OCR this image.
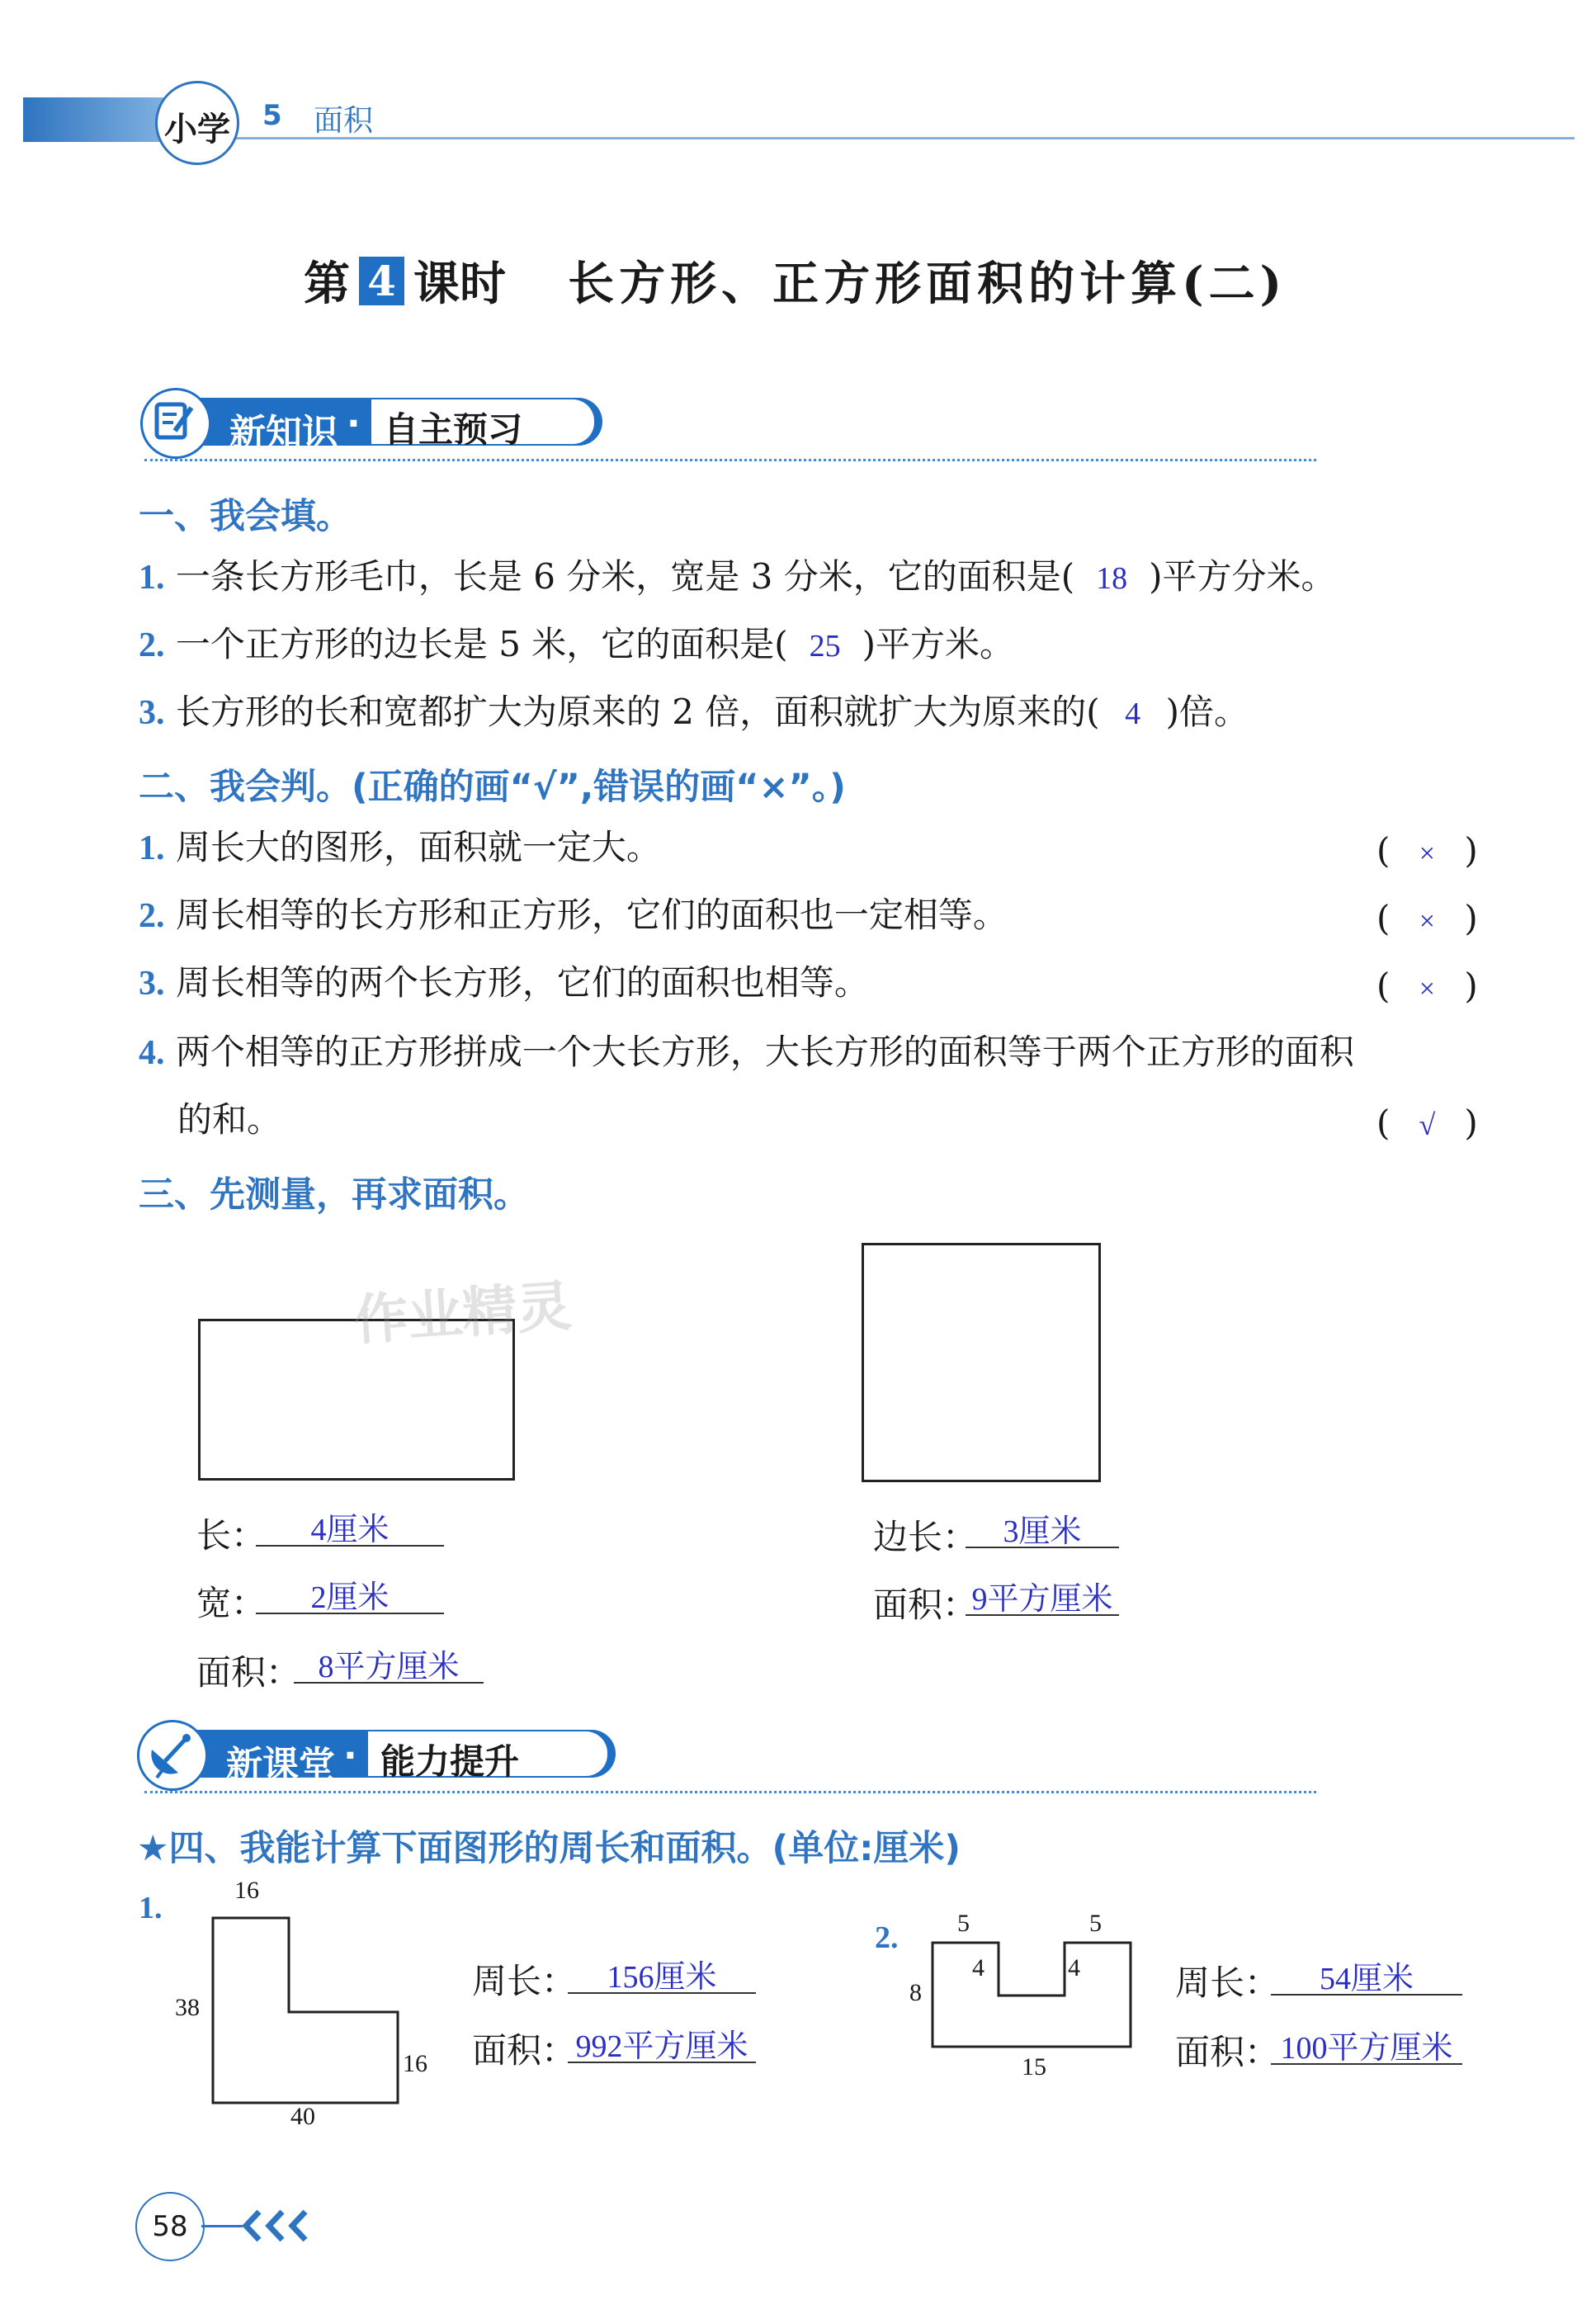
小学 5 面积
第 4 课时 长方形、正方形面积的计算(二)
新知识 · 自主预习
一、我会填。
1. 一条长方形毛巾，长是 6 分米，宽是 3 分米，它的面积是( 18 )平方分米。
2. 一个正方形的边长是 5 米，它的面积是( 25 )平方米。
3. 长方形的长和宽都扩大为原来的 2 倍，面积就扩大为原来的( 4 )倍。
二、我会判。(正确的画“√”,错误的画“×”。)
1. 周长大的图形，面积就一定大。	( × )
2. 周长相等的长方形和正方形，它们的面积也一定相等。	( × )
3. 周长相等的两个长方形，它们的面积也相等。	( × )
4. 两个相等的正方形拼成一个大长方形，大长方形的面积等于两个正方形的面积
的和。	( √ )
三、先测量，再求面积。
作业精灵
长：	4厘米
宽：	2厘米
面积： 8平方厘米
边长： 3厘米
面积：
9平方厘米
新课堂 · 能力提升
★四、我能计算下面图形的周长和面积。(单位:厘米)
1.
16
38
16
40
周长： 156厘米
面积： 992平方厘米
2. 5	5
4	4
8
15
周长：	54厘米
面积： 100平方厘米
58
